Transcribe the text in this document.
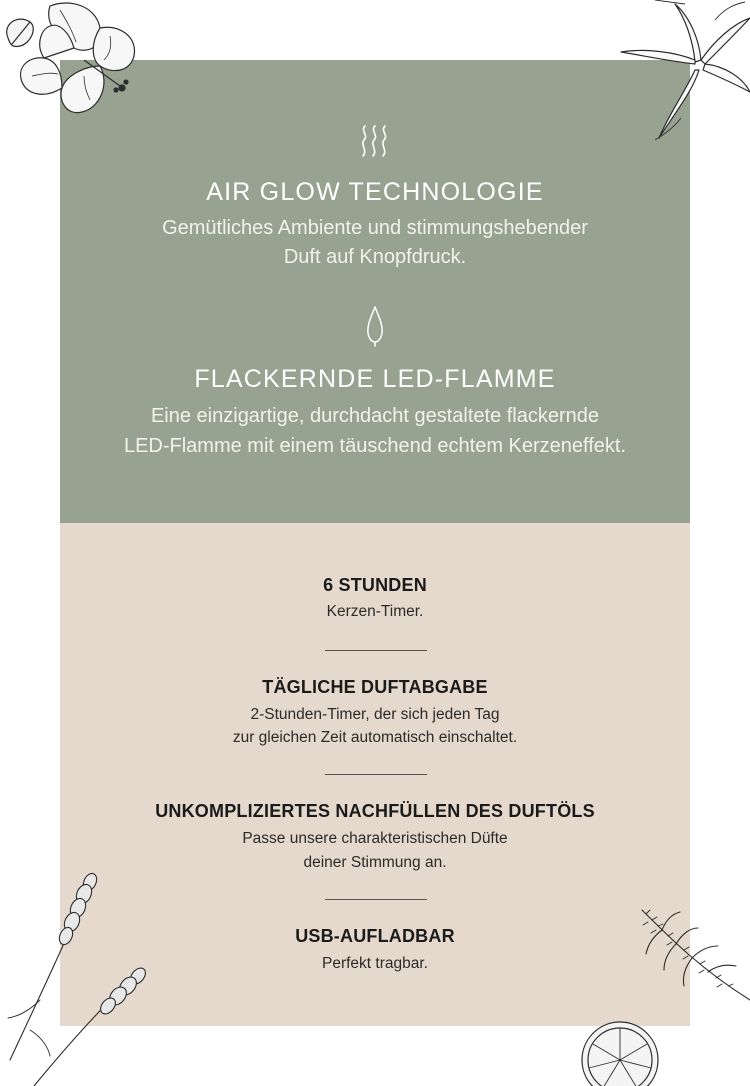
AIR GLOW TECHNOLOGIE
Gemütliches Ambiente und stimmungshebender
Duft auf Knopfdruck.
FLACKERNDE LED-FLAMME
Eine einzigartige, durchdacht gestaltete flackernde
LED-Flamme mit einem täuschend echtem Kerzeneffekt.
6 STUNDEN
Kerzen-Timer.
TÄGLICHE DUFTABGABE
2-Stunden-Timer, der sich jeden Tag
zur gleichen Zeit automatisch einschaltet.
UNKOMPLIZIERTES NACHFÜLLEN DES DUFTÖLS
Passe unsere charakteristischen Düfte
deiner Stimmung an.
USB-AUFLADBAR
Perfekt tragbar.
